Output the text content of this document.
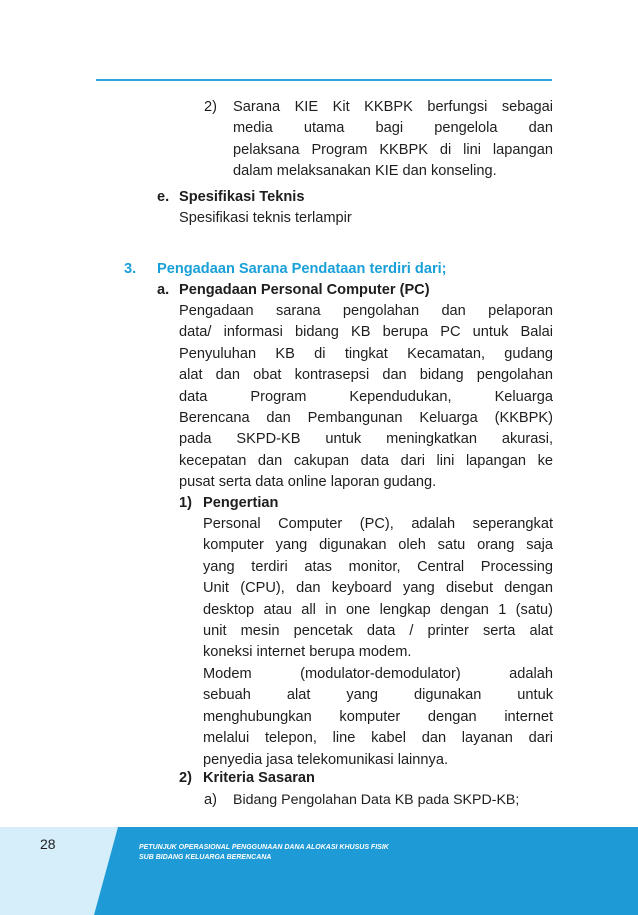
2) Sarana KIE Kit KKBPK berfungsi sebagai
media utama bagi pengelola dan
pelaksana Program KKBPK di lini lapangan
dalam melaksanakan KIE dan konseling.
e. Spesifikasi Teknis
Spesifikasi teknis terlampir
3. Pengadaan Sarana Pendataan terdiri dari;
a. Pengadaan Personal Computer (PC)
Pengadaan sarana pengolahan dan pelaporan
data/ informasi bidang KB berupa PC untuk Balai
Penyuluhan KB di tingkat Kecamatan, gudang
alat dan obat kontrasepsi dan bidang pengolahan
data Program Kependudukan, Keluarga
Berencana dan Pembangunan Keluarga (KKBPK)
pada SKPD-KB untuk meningkatkan akurasi,
kecepatan dan cakupan data dari lini lapangan ke
pusat serta data online laporan gudang.
1) Pengertian
Personal Computer (PC), adalah seperangkat
komputer yang digunakan oleh satu orang saja
yang terdiri atas monitor, Central Processing
Unit (CPU), dan keyboard yang disebut dengan
desktop atau all in one lengkap dengan 1 (satu)
unit mesin pencetak data / printer serta alat
koneksi internet berupa modem.
Modem (modulator-demodulator) adalah
sebuah alat yang digunakan untuk
menghubungkan komputer dengan internet
melalui telepon, line kabel dan layanan dari
penyedia jasa telekomunikasi lainnya.
2) Kriteria Sasaran
a) Bidang Pengolahan Data KB pada SKPD-KB;
28	PETUNJUK OPERASIONAL PENGGUNAAN DANA ALOKASI KHUSUS FISIK
SUB BIDANG KELUARGA BERENCANA
